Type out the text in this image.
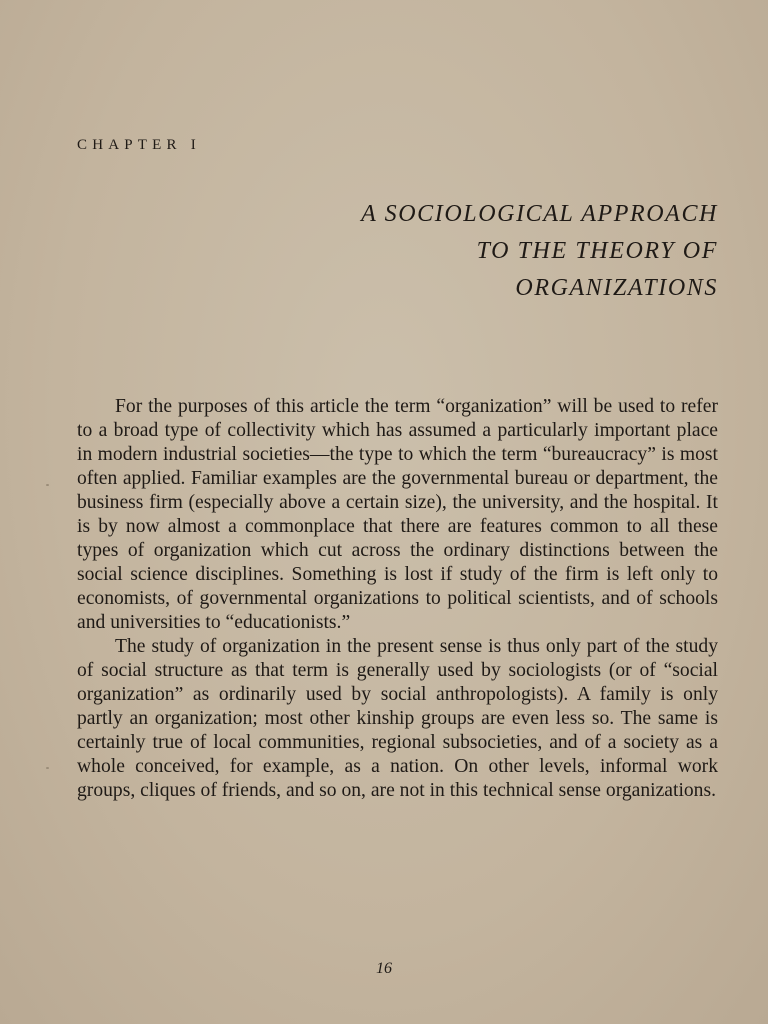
CHAPTER I
A SOCIOLOGICAL APPROACH
TO THE THEORY OF
ORGANIZATIONS

For the purposes of this article the term “organization” will be used to refer to a broad type of collectivity which has assumed a particularly important place in modern industrial societies—the type to which the term “bureaucracy” is most often applied. Familiar examples are the governmental bureau or department, the business firm (especially above a certain size), the university, and the hospital. It is by now almost a commonplace that there are features common to all these types of organization which cut across the ordinary distinctions between the social science disciplines. Something is lost if study of the firm is left only to economists, of governmental organizations to political scientists, and of schools and universities to “educationists.”

The study of organization in the present sense is thus only part of the study of social structure as that term is generally used by sociologists (or of “social organization” as ordinarily used by social anthropologists). A family is only partly an organization; most other kinship groups are even less so. The same is certainly true of local communities, regional subsocieties, and of a society as a whole conceived, for example, as a nation. On other levels, informal work groups, cliques of friends, and so on, are not in this technical sense organizations.

16
